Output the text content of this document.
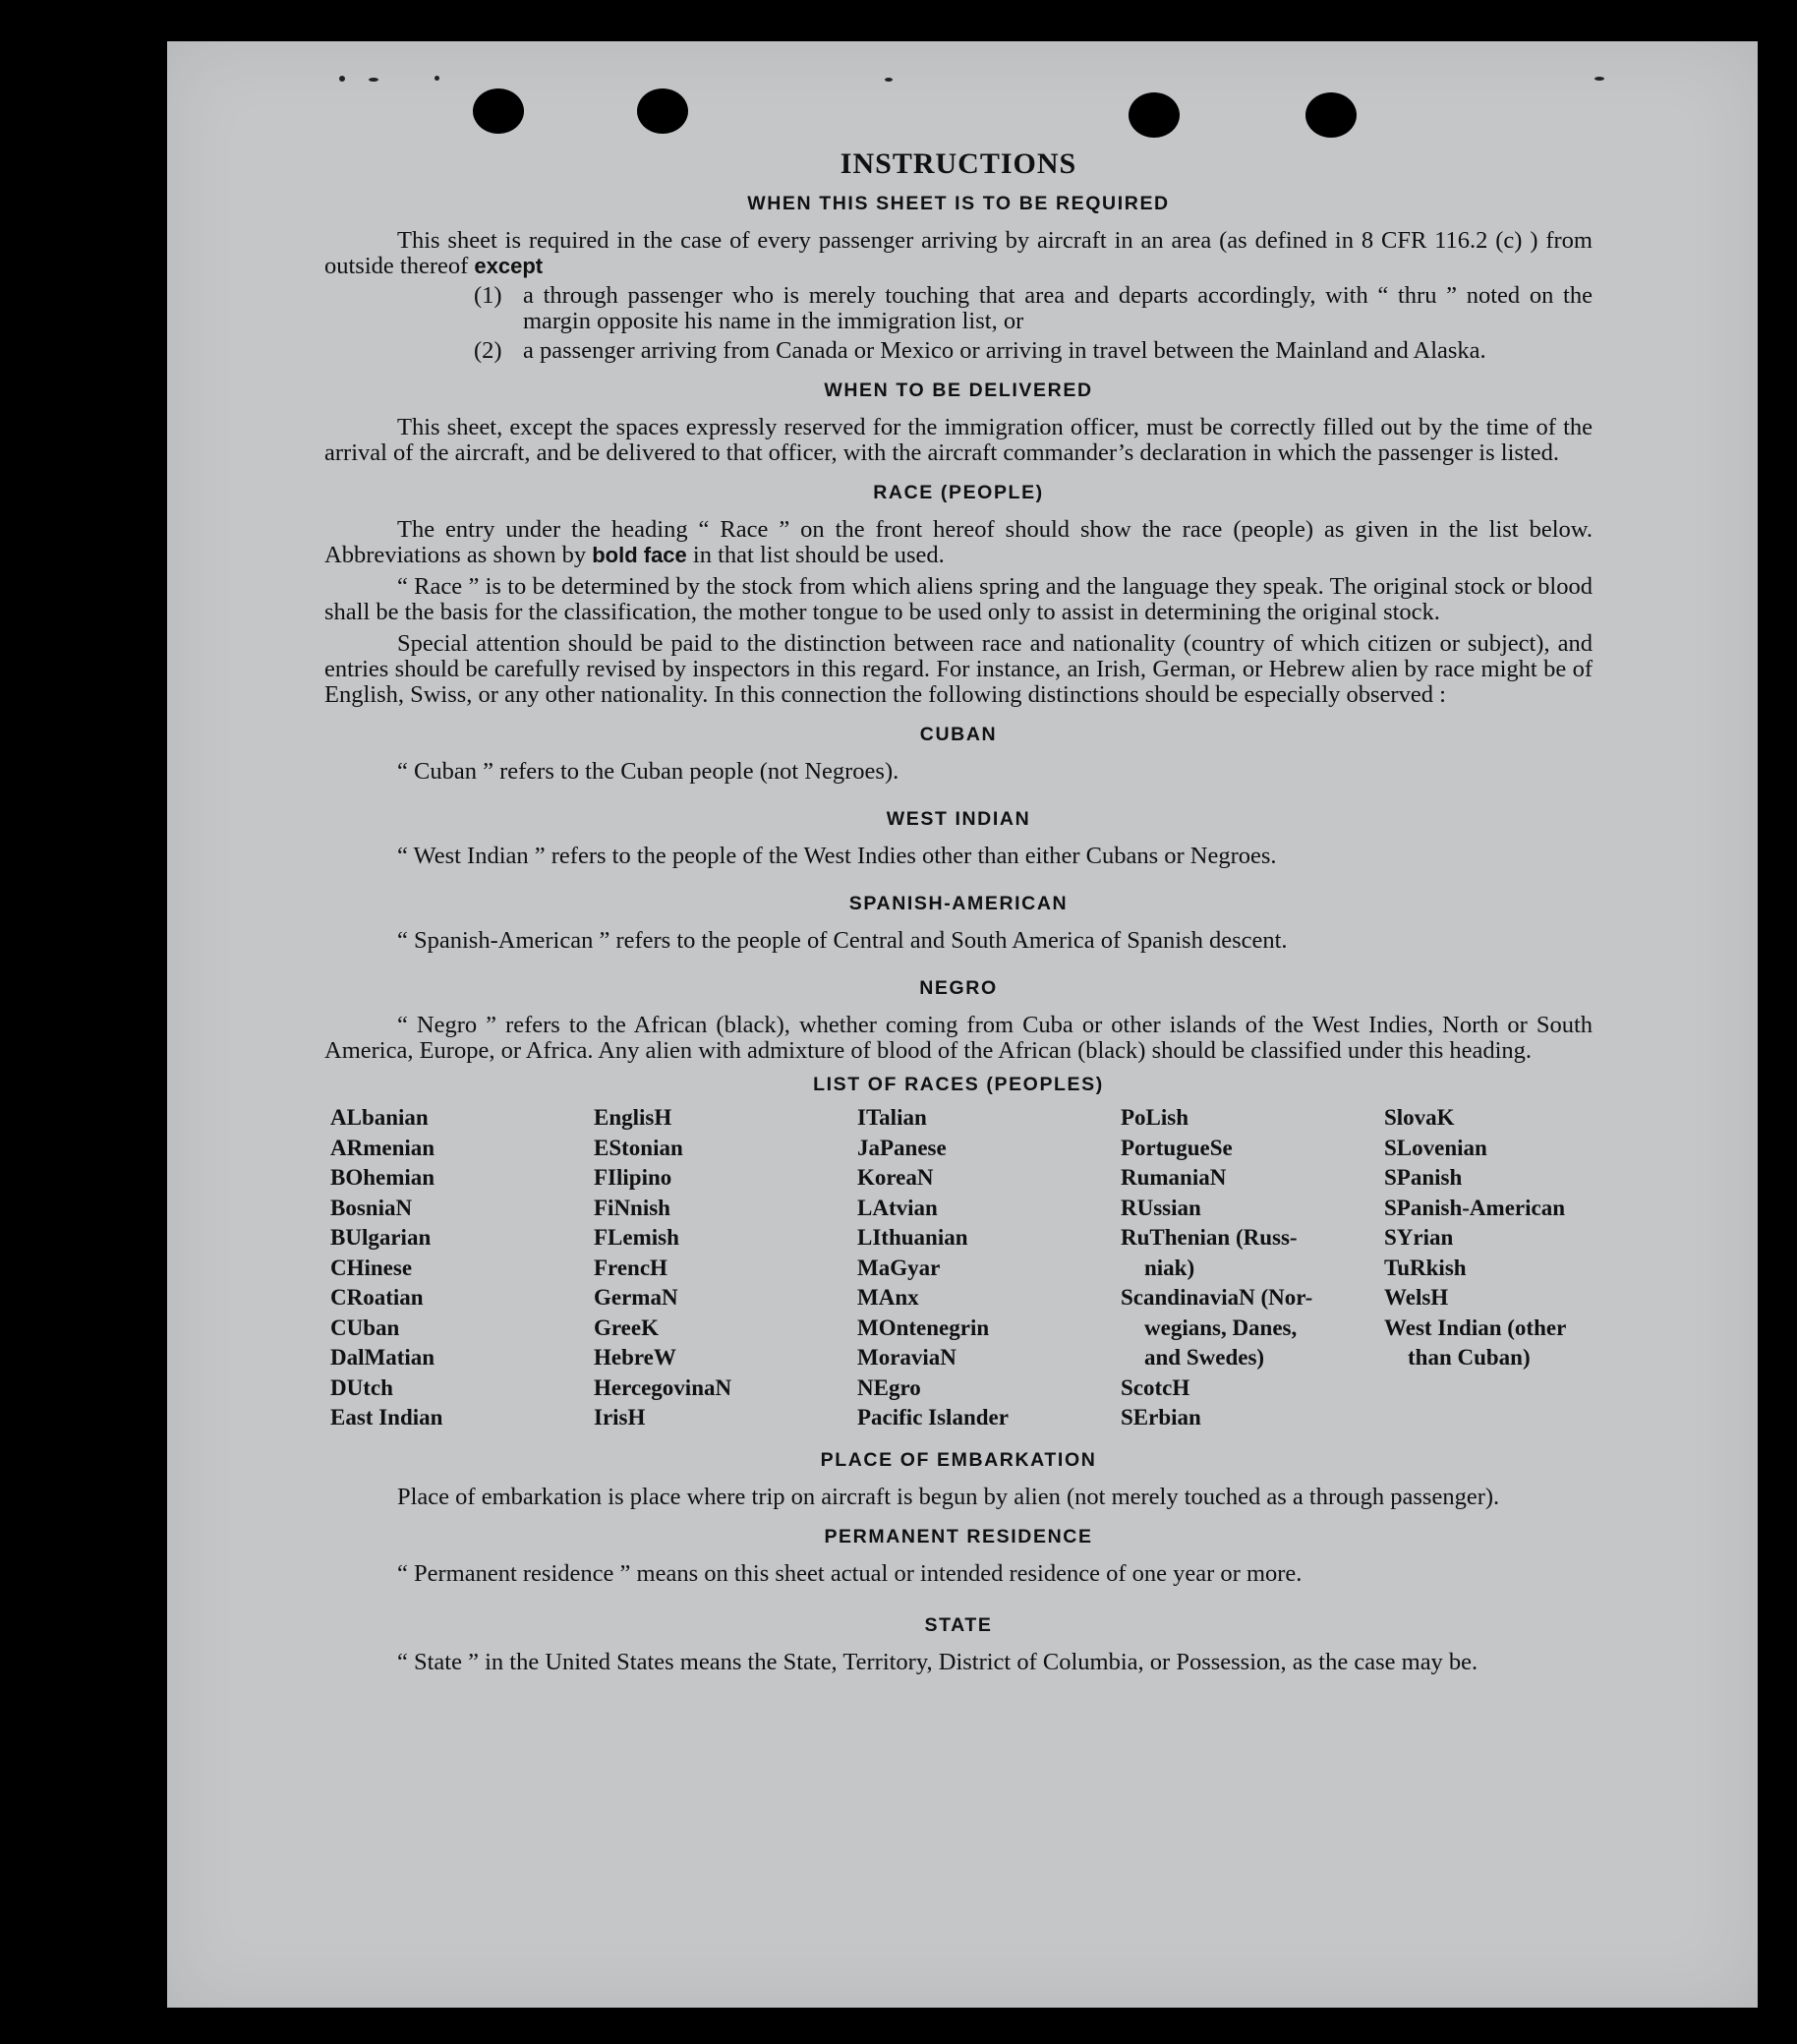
INSTRUCTIONS
WHEN THIS SHEET IS TO BE REQUIRED

This sheet is required in the case of every passenger arriving by aircraft in an area (as defined in 8 CFR 116.2 (c) ) from outside thereof except

(1) a through passenger who is merely touching that area and departs accordingly, with “ thru ” noted on the margin opposite his name in the immigration list, or
(2) a passenger arriving from Canada or Mexico or arriving in travel between the Mainland and Alaska.
WHEN TO BE DELIVERED

This sheet, except the spaces expressly reserved for the immigration officer, must be correctly filled out by the time of the arrival of the aircraft, and be delivered to that officer, with the aircraft commander’s declaration in which the passenger is listed.

RACE (PEOPLE)

The entry under the heading “ Race ” on the front hereof should show the race (people) as given in the list below. Abbreviations as shown by bold face in that list should be used.

“ Race ” is to be determined by the stock from which aliens spring and the language they speak. The original stock or blood shall be the basis for the classification, the mother tongue to be used only to assist in determining the original stock.

Special attention should be paid to the distinction between race and nationality (country of which citizen or subject), and entries should be carefully revised by inspectors in this regard. For instance, an Irish, German, or Hebrew alien by race might be of English, Swiss, or any other nationality. In this connection the following distinctions should be especially observed :

CUBAN

“ Cuban ” refers to the Cuban people (not Negroes).

WEST INDIAN

“ West Indian ” refers to the people of the West Indies other than either Cubans or Negroes.

SPANISH-AMERICAN

“ Spanish-American ” refers to the people of Central and South America of Spanish descent.

NEGRO

“ Negro ” refers to the African (black), whether coming from Cuba or other islands of the West Indies, North or South America, Europe, or Africa. Any alien with admixture of blood of the African (black) should be classified under this heading.

LIST OF RACES (PEOPLES)
ALbanian
ARmenian
BOhemian
BosniaN
BUlgarian
CHinese
CRoatian
CUban
DalMatian
DUtch
East Indian
EnglisH
EStonian
FIlipino
FiNnish
FLemish
FrencH
GermaN
GreeK
HebreW
HercegovinaN
IrisH
ITalian
JaPanese
KoreaN
LAtvian
LIthuanian
MaGyar
MAnx
MOntenegrin
MoraviaN
NEgro
Pacific Islander
PoLish
PortugueSe
RumaniaN
RUssian
RuThenian (Russ-
niak)
ScandinaviaN (Nor-
wegians, Danes,
and Swedes)
ScotcH
SErbian
SlovaK
SLovenian
SPanish
SPanish-American
SYrian
TuRkish
WelsH
West Indian (other
than Cuban)
PLACE OF EMBARKATION

Place of embarkation is place where trip on aircraft is begun by alien (not merely touched as a through passenger).

PERMANENT RESIDENCE

“ Permanent residence ” means on this sheet actual or intended residence of one year or more.

STATE

“ State ” in the United States means the State, Territory, District of Columbia, or Possession, as the case may be.
